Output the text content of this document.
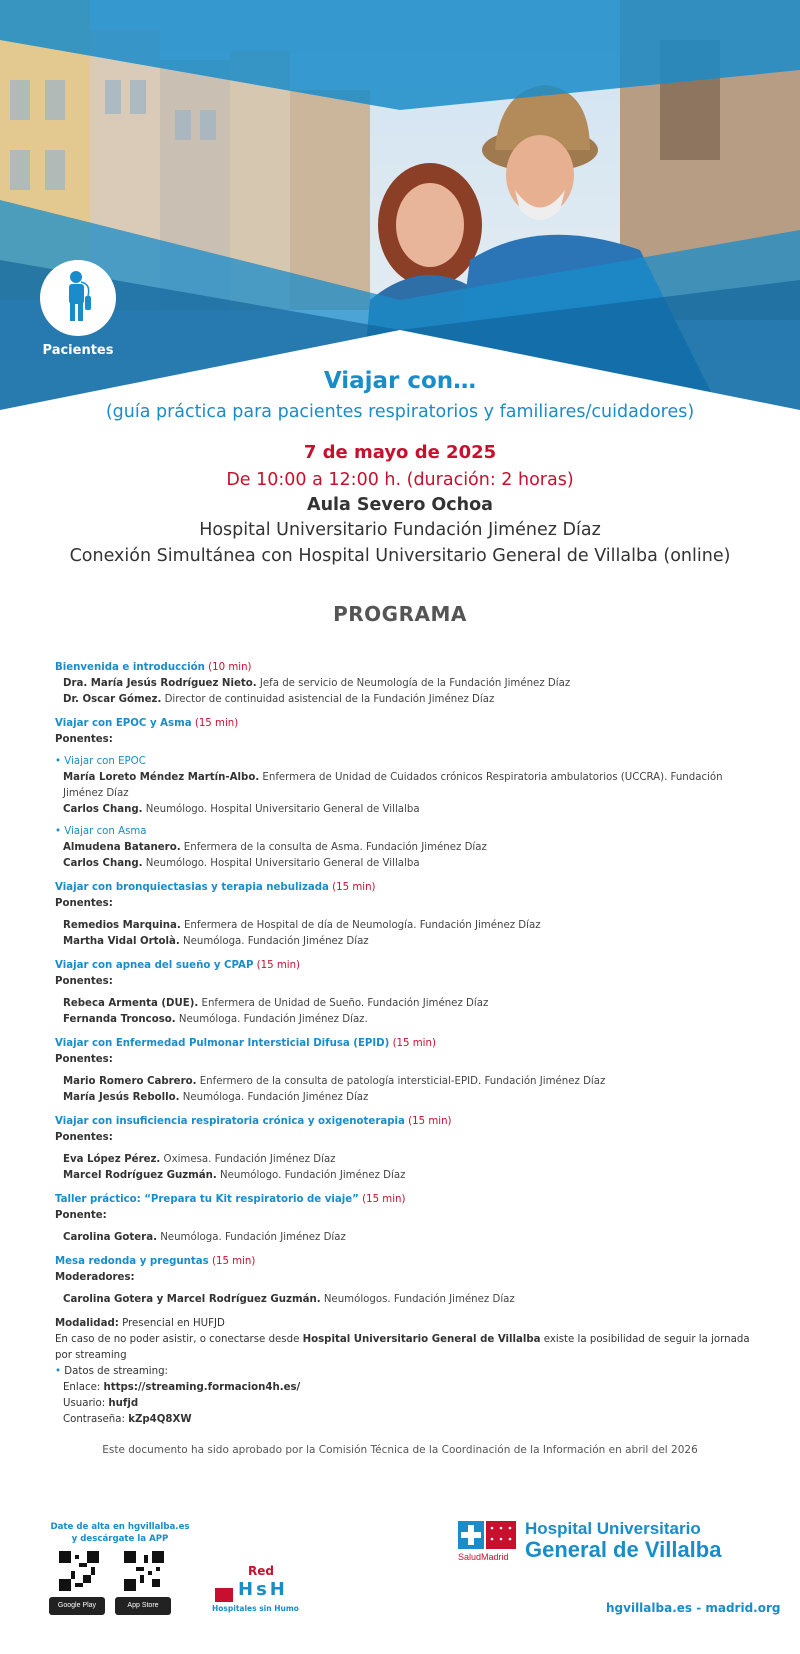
Pacientes
Viajar con…
(guía práctica para pacientes respiratorios y familiares/cuidadores)
7 de mayo de 2025
De 10:00 a 12:00 h. (duración: 2 horas)
Aula Severo Ochoa
Hospital Universitario Fundación Jiménez Díaz
Conexión Simultánea con Hospital Universitario General de Villalba (online)
PROGRAMA
Bienvenida e introducción (10 min)
Dra. María Jesús Rodríguez Nieto. Jefa de servicio de Neumología de la Fundación Jiménez Díaz
Dr. Oscar Gómez. Director de continuidad asistencial de la Fundación Jiménez Díaz
Viajar con EPOC y Asma (15 min)
Ponentes:
• Viajar con EPOC
María Loreto Méndez Martín-Albo. Enfermera de Unidad de Cuidados crónicos Respiratoria ambulatorios (UCCRA). Fundación Jiménez Díaz
Carlos Chang. Neumólogo. Hospital Universitario General de Villalba
• Viajar con Asma
Almudena Batanero. Enfermera de la consulta de Asma. Fundación Jiménez Díaz
Carlos Chang. Neumólogo. Hospital Universitario General de Villalba
Viajar con bronquiectasias y terapia nebulizada (15 min)
Ponentes:
Remedios Marquina. Enfermera de Hospital de día de Neumología. Fundación Jiménez Díaz
Martha Vidal Ortolà. Neumóloga. Fundación Jiménez Díaz
Viajar con apnea del sueño y CPAP (15 min)
Ponentes:
Rebeca Armenta (DUE). Enfermera de Unidad de Sueño. Fundación Jiménez Díaz
Fernanda Troncoso. Neumóloga. Fundación Jiménez Díaz.
Viajar con Enfermedad Pulmonar Intersticial Difusa (EPID) (15 min)
Ponentes:
Mario Romero Cabrero. Enfermero de la consulta de patología intersticial-EPID. Fundación Jiménez Díaz
María Jesús Rebollo. Neumóloga. Fundación Jiménez Díaz
Viajar con insuficiencia respiratoria crónica y oxigenoterapia (15 min)
Ponentes:
Eva López Pérez. Oximesa. Fundación Jiménez Díaz
Marcel Rodríguez Guzmán. Neumólogo. Fundación Jiménez Díaz
Taller práctico: “Prepara tu Kit respiratorio de viaje” (15 min)
Ponente:
Carolina Gotera. Neumóloga. Fundación Jiménez Díaz
Mesa redonda y preguntas (15 min)
Moderadores:
Carolina Gotera y Marcel Rodríguez Guzmán. Neumólogos. Fundación Jiménez Díaz
Modalidad: Presencial en HUFJD
En caso de no poder asistir, o conectarse desde Hospital Universitario General de Villalba existe la posibilidad de seguir la jornada por streaming
• Datos de streaming:
Enlace: https://streaming.formacion4h.es/
Usuario: hufjd
Contraseña: kZp4Q8XW
Este documento ha sido aprobado por la Comisión Técnica de la Coordinación de la Información en abril del 2026
Date de alta en hgvillalba.es
y descárgate la APP
Google Play	App Store
Red
HsH
Hospitales sin Humo
SaludMadrid
Hospital Universitario
General de Villalba
hgvillalba.es - madrid.org
